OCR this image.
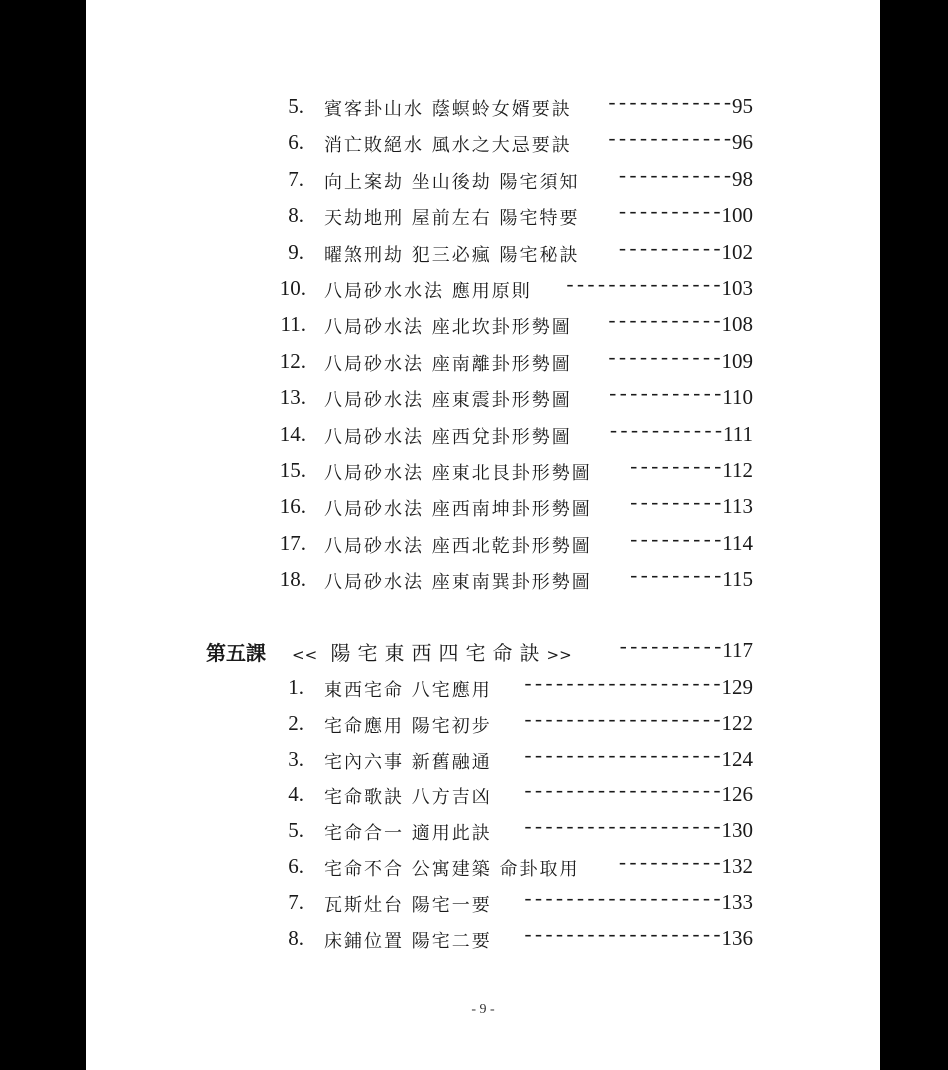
5. 賓客卦山水 蔭螟蛉女婿要訣	------------ 95
6. 消亡敗絕水 風水之大忌要訣	------------ 96
7. 向上案劫 坐山後劫 陽宅須知	----------- 98
8. 天劫地刑 屋前左右 陽宅特要	---------- 100
9. 曜煞刑劫 犯三必瘋 陽宅秘訣	---------- 102
10. 八局砂水水法 應用原則	--------------- 103
11. 八局砂水法 座北坎卦形勢圖	----------- 108
12. 八局砂水法 座南離卦形勢圖	----------- 109
13. 八局砂水法 座東震卦形勢圖	----------- 110
14. 八局砂水法 座西兌卦形勢圖	----------- 111
15. 八局砂水法 座東北艮卦形勢圖	--------- 112
16. 八局砂水法 座西南坤卦形勢圖	--------- 113
17. 八局砂水法 座西北乾卦形勢圖	--------- 114
18. 八局砂水法 座東南巽卦形勢圖	--------- 115
第五課 << 陽宅東西四宅命訣>>	---------- 117
1. 東西宅命 八宅應用	------------------- 129
2. 宅命應用 陽宅初步	------------------- 122
3. 宅內六事 新舊融通	------------------- 124
4. 宅命歌訣 八方吉凶	------------------- 126
5. 宅命合一 適用此訣	------------------- 130
6. 宅命不合 公寓建築 命卦取用	---------- 132
7. 瓦斯灶台 陽宅一要	------------------- 133
8. 床鋪位置 陽宅二要	------------------- 136
- 9 -
